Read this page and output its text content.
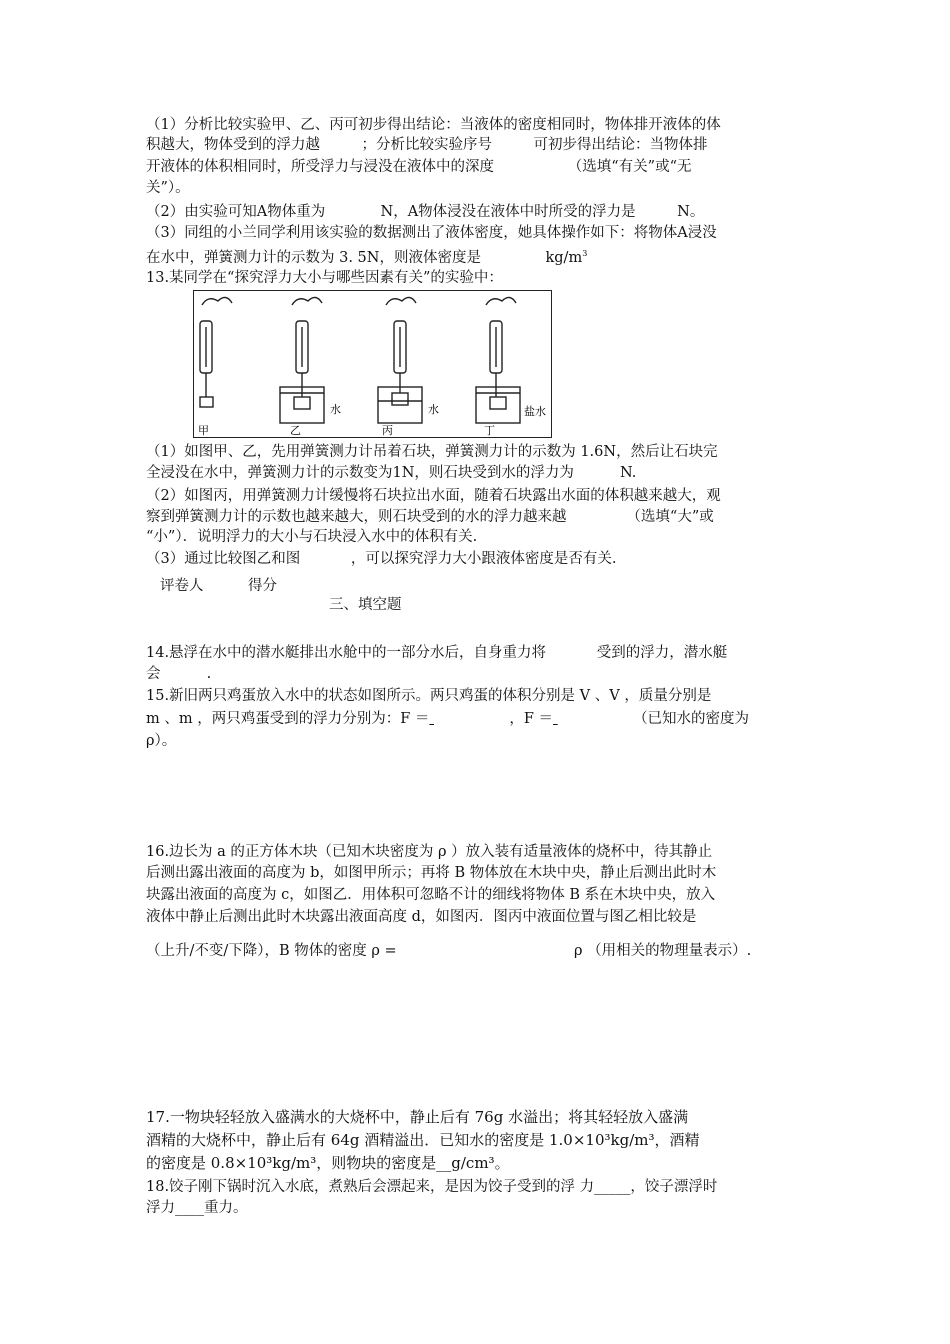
（1）分析比较实验甲、乙、丙可初步得出结论：当液体的密度相同时，物体排开液体的体
积越大，物体受到的浮力越         ；分析比较实验序号         可初步得出结论：当物体排
开液体的体积相同时，所受浮力与浸没在液体中的深度                （选填“有关”或“无
关”）。
（2）由实验可知A物体重为            N，A物体浸没在液体中时所受的浮力是         N。
（3）同组的小兰同学利用该实验的数据测出了液体密度，她具体操作如下：将物体A浸没
在水中，弹簧测力计的示数为 3. 5N，则液体密度是              $kg/m^3$
13.某同学在“探究浮力大小与哪些因素有关”的实验中：
甲	乙	丙	丁
水	水	盐水
（1）如图甲、乙，先用弹簧测力计吊着石块，弹簧测力计的示数为 1.6N，然后让石块完
全浸没在水中，弹簧测力计的示数变为1N，则石块受到水的浮力为          N.
（2）如图丙，用弹簧测力计缓慢将石块拉出水面，随着石块露出水面的体积越来越大，观
察到弹簧测力计的示数也越来越大，则石块受到的水的浮力越来越             （选填“大”或
“小”）．说明浮力的大小与石块浸入水中的体积有关.
（3）通过比较图乙和图           ，可以探究浮力大小跟液体密度是否有关.
评卷人	得分
三、填空题
14.悬浮在水中的潜水艇排出水舱中的一部分水后，自身重力将           受到的浮力，潜水艇
会          .
15.新旧两只鸡蛋放入水中的状态如图所示。两只鸡蛋的体积分别是 V 、V ，质量分别是
m 、m ，两只鸡蛋受到的浮力分别为：F ＝	，F ＝	（已知水的密度为
ρ）。
16.边长为 a 的正方体木块（已知木块密度为 ρ ）放入装有适量液体的烧杯中，待其静止
后测出露出液面的高度为 b，如图甲所示；再将 B 物体放在木块中央，静止后测出此时木
块露出液面的高度为 c，如图乙．用体积可忽略不计的细线将物体 B 系在木块中央，放入
液体中静止后测出此时木块露出液面高度 d，如图丙．图丙中液面位置与图乙相比较是
（上升/不变/下降），B 物体的密度 ρ =	ρ （用相关的物理量表示）.
17.一物块轻轻放入盛满水的大烧杯中，静止后有 76g 水溢出；将其轻轻放入盛满
酒精的大烧杯中，静止后有 64g 酒精溢出．已知水的密度是 1.0×10³kg/m³，酒精
的密度是 0.8×10³kg/m³，则物块的密度是__g/cm³。
18.饺子刚下锅时沉入水底，煮熟后会漂起来，是因为饺子受到的浮 力_____，饺子漂浮时
浮力____重力。
